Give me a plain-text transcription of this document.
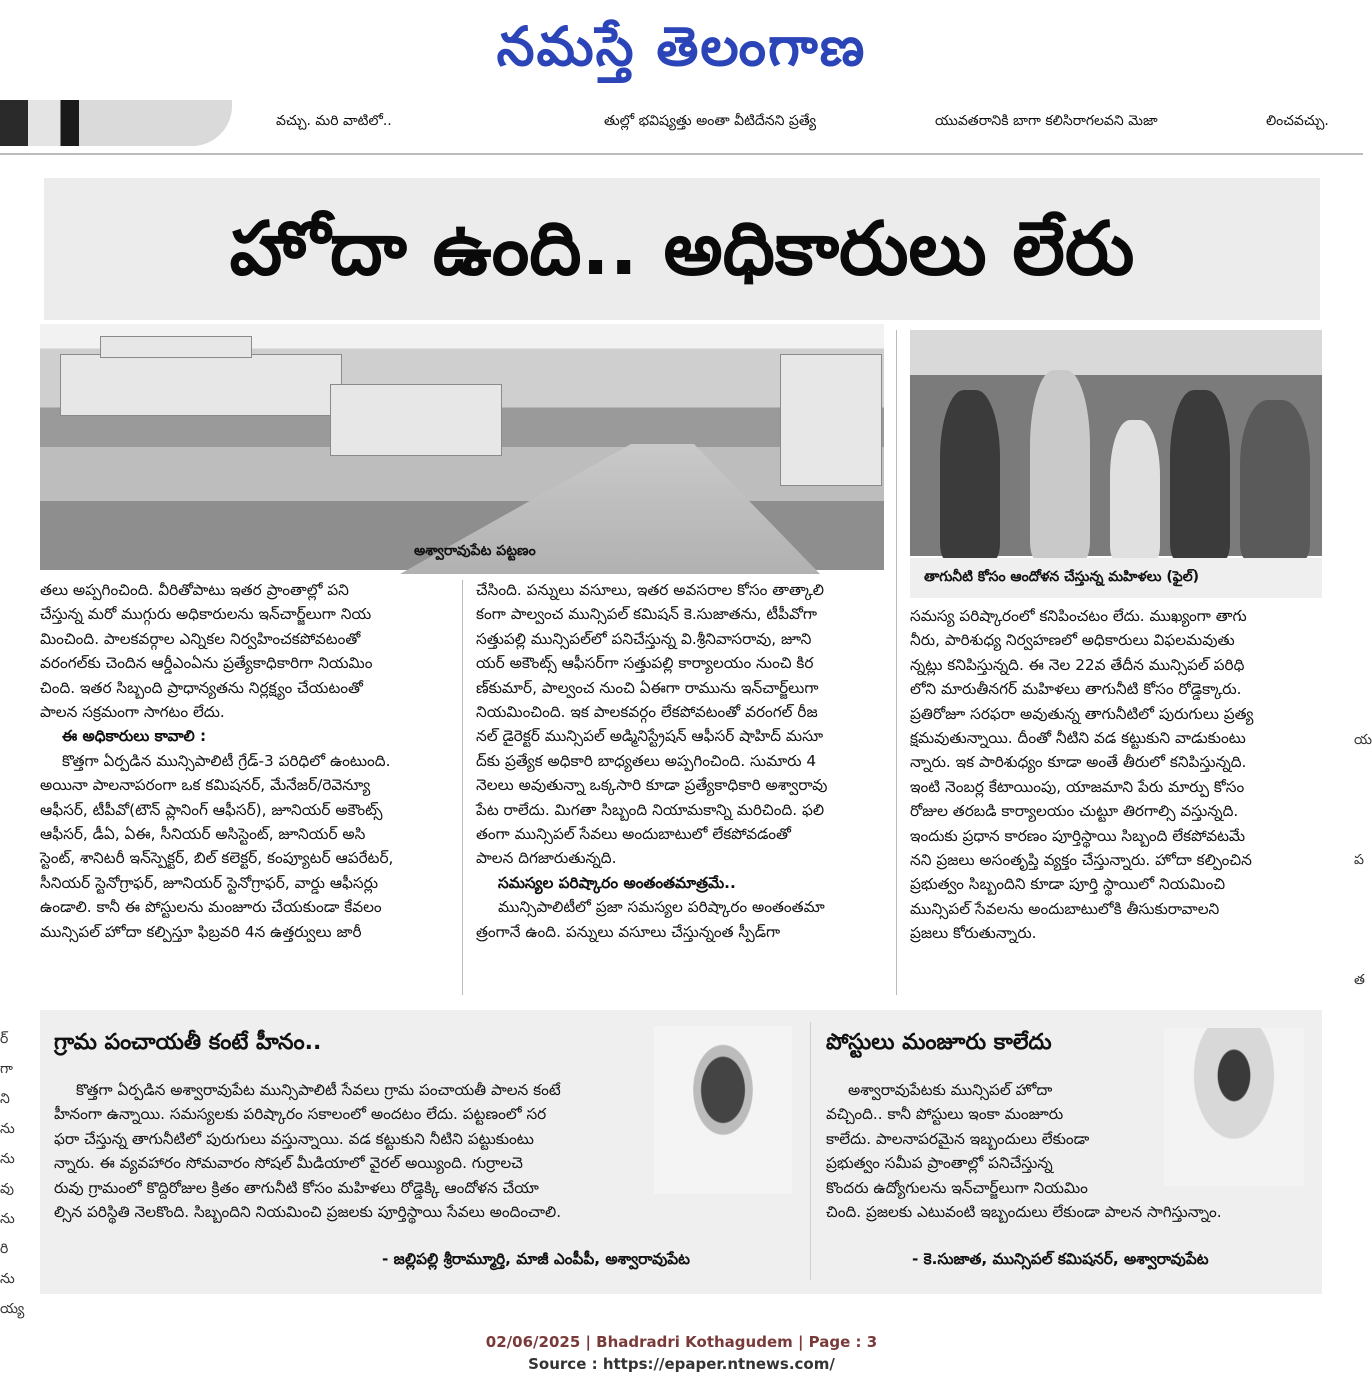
నమస్తే తెలంగాణ
వచ్చు. మరి వాటిలో..	తుల్లో భవిష్యత్తు అంతా వీటిదేనని ప్రత్యే	యువతరానికి బాగా కలిసిరాగలవని మెజా	లించవచ్చు.
హోదా ఉంది.. అధికారులు లేరు
అశ్వారావుపేట పట్టణం
తాగునీటి కోసం ఆందోళన చేస్తున్న మహిళలు (ఫైల్)

తలు అప్పగించింది. వీరితోపాటు ఇతర ప్రాంతాల్లో పని

చేస్తున్న మరో ముగ్గురు అధికారులను ఇన్‌చార్జ్‌లుగా నియ

మించింది. పాలకవర్గాల ఎన్నికల నిర్వహించకపోవటంతో

వరంగల్‌కు చెందిన ఆర్డీఎంఏను ప్రత్యేకాధికారిగా నియమిం

చింది. ఇతర సిబ్బంది ప్రాధాన్యతను నిర్లక్ష్యం చేయటంతో

పాలన సక్రమంగా సాగటం లేదు.

ఈ అధికారులు కావాలి :

కొత్తగా ఏర్పడిన మున్సిపాలిటీ గ్రేడ్‌-3 పరిధిలో ఉంటుంది.

అయినా పాలనాపరంగా ఒక కమిషనర్, మేనేజర్/రెవెన్యూ

ఆఫీసర్, టీపీవో(టౌన్ ప్లానింగ్ ఆఫీసర్), జూనియర్ అకౌంట్స్

ఆఫీసర్, డీఏ, ఏఈ, సీనియర్ అసిస్టెంట్, జూనియర్ అసి

స్టెంట్, శానిటరీ ఇన్‌స్పెక్టర్, బిల్ కలెక్టర్, కంప్యూటర్ ఆపరేటర్,

సీనియర్ స్టెనోగ్రాఫర్, జూనియర్ స్టెనోగ్రాఫర్, వార్డు ఆఫీసర్లు

ఉండాలి. కానీ ఈ పోస్టులను మంజూరు చేయకుండా కేవలం

మున్సిపల్ హోదా కల్పిస్తూ ఫిబ్రవరి 4న ఉత్తర్వులు జారీ

చేసింది. పన్నులు వసూలు, ఇతర అవసరాల కోసం తాత్కాలి

కంగా పాల్వంచ మున్సిపల్ కమిషన్ కె.సుజాతను, టీపీవోగా

సత్తుపల్లి మున్సిపల్‌లో పనిచేస్తున్న వి.శ్రీనివాసరావు, జూని

యర్ అకౌంట్స్ ఆఫీసర్‌గా సత్తుపల్లి కార్యాలయం నుంచి కిర

ణ్‌కుమార్, పాల్వంచ నుంచి ఏఈగా రామును ఇన్‌చార్జ్‌లుగా

నియమించింది. ఇక పాలకవర్గం లేకపోవటంతో వరంగల్ రీజ

నల్ డైరెక్టర్ మున్సిపల్ అడ్మినిస్ట్రేషన్ ఆఫీసర్ షాహిద్ మసూ

ద్‌కు ప్రత్యేక అధికారి బాధ్యతలు అప్పగించింది. సుమారు 4

నెలలు అవుతున్నా ఒక్కసారి కూడా ప్రత్యేకాధికారి అశ్వారావు

పేట రాలేదు. మిగతా సిబ్బంది నియామకాన్ని మరిచింది. ఫలి

తంగా మున్సిపల్ సేవలు అందుబాటులో లేకపోవడంతో

పాలన దిగజారుతున్నది.

సమస్యల పరిష్కారం అంతంతమాత్రమే..

మున్సిపాలిటీలో ప్రజా సమస్యల పరిష్కారం అంతంతమా

త్రంగానే ఉంది. పన్నులు వసూలు చేస్తున్నంత స్పీడ్‌గా

సమస్య పరిష్కారంలో కనిపించటం లేదు. ముఖ్యంగా తాగు

నీరు, పారిశుధ్య నిర్వహణలో అధికారులు విఫలమవుతు

న్నట్లు కనిపిస్తున్నది. ఈ నెల 22వ తేదీన మున్సిపల్ పరిధి

లోని మారుతీనగర్ మహిళలు తాగునీటి కోసం రోడ్డెక్కారు.

ప్రతిరోజూ సరఫరా అవుతున్న తాగునీటిలో పురుగులు ప్రత్య

క్షమవుతున్నాయి. దీంతో నీటిని వడ కట్టుకుని వాడుకుంటు

న్నారు. ఇక పారిశుధ్యం కూడా అంతే తీరులో కనిపిస్తున్నది.

ఇంటి నెంబర్ల కేటాయింపు, యాజమాని పేరు మార్పు కోసం

రోజుల తరబడి కార్యాలయం చుట్టూ తిరగాల్సి వస్తున్నది.

ఇందుకు ప్రధాన కారణం పూర్తిస్థాయి సిబ్బంది లేకపోవటమే

నని ప్రజలు అసంతృప్తి వ్యక్తం చేస్తున్నారు. హోదా కల్పించిన

ప్రభుత్వం సిబ్బందిని కూడా పూర్తి స్థాయిలో నియమించి

మున్సిపల్ సేవలను అందుబాటులోకి తీసుకురావాలని

ప్రజలు కోరుతున్నారు.

గ్రామ పంచాయతీ కంటే హీనం..
కొత్తగా ఏర్పడిన అశ్వారావుపేట మున్సిపాలిటీ సేవలు గ్రామ పంచాయతీ పాలన కంటే
హీనంగా ఉన్నాయి. సమస్యలకు పరిష్కారం సకాలంలో అందటం లేదు. పట్టణంలో సర
ఫరా చేస్తున్న తాగునీటిలో పురుగులు వస్తున్నాయి. వడ కట్టుకుని నీటిని పట్టుకుంటు
న్నారు. ఈ వ్యవహారం సోమవారం సోషల్ మీడియాలో వైరల్ అయ్యింది. గుర్రాలచె
రువు గ్రామంలో కొద్దిరోజుల క్రితం తాగునీటి కోసం మహిళలు రోడ్డెక్కి ఆందోళన చేయా
ల్సిన పరిస్థితి నెలకొంది. సిబ్బందిని నియమించి ప్రజలకు పూర్తిస్థాయి సేవలు అందించాలి.
- జల్లిపల్లి శ్రీరామ్మూర్తి, మాజీ ఎంపీపీ, అశ్వారావుపేట
పోస్టులు మంజూరు కాలేదు
అశ్వారావుపేటకు మున్సిపల్ హోదా
వచ్చింది.. కానీ పోస్టులు ఇంకా మంజూరు
కాలేదు. పాలనాపరమైన ఇబ్బందులు లేకుండా
ప్రభుత్వం సమీప ప్రాంతాల్లో పనిచేస్తున్న
కొందరు ఉద్యోగులను ఇన్‌చార్జ్‌లుగా నియమిం
చింది. ప్రజలకు ఎటువంటి ఇబ్బందులు లేకుండా పాలన సాగిస్తున్నాం.
- కె.సుజాత, మున్సిపల్ కమిషనర్, అశ్వారావుపేట
ర్
గా
ని
ను
ను
వు
ను
రి
ను
య్య
య
ప
త
02/06/2025 | Bhadradri Kothagudem | Page : 3
Source : https://epaper.ntnews.com/
